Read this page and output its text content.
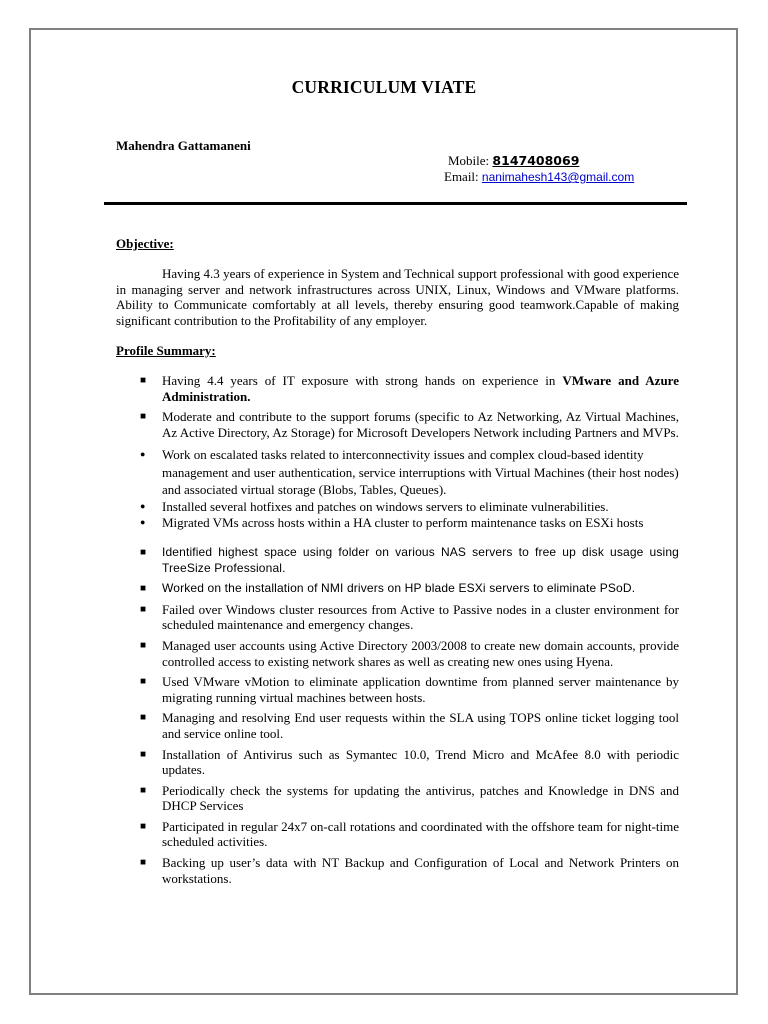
CURRICULUM VIATE
Mahendra Gattamaneni
Mobile: 8147408069
Email: nanimahesh143@gmail.com
Objective:
Having 4.3 years of experience in System and Technical support professional with good experience in managing server and network infrastructures across UNIX, Linux, Windows and VMware platforms. Ability to Communicate comfortably at all levels, thereby ensuring good teamwork.Capable of making significant contribution to the Profitability of any employer.
Profile Summary:
■ Having 4.4 years of IT exposure with strong hands on experience in VMware and Azure Administration.
■ Moderate and contribute to the support forums (specific to Az Networking, Az Virtual Machines, Az Active Directory, Az Storage) for Microsoft Developers Network including Partners and MVPs.
● Work on escalated tasks related to interconnectivity issues and complex cloud-based identity management and user authentication, service interruptions with Virtual Machines (their host nodes) and associated virtual storage (Blobs, Tables, Queues).
● Installed several hotfixes and patches on windows servers to eliminate vulnerabilities.
● Migrated VMs across hosts within a HA cluster to perform maintenance tasks on ESXi hosts
■ Identified highest space using folder on various NAS servers to free up disk usage using TreeSize Professional.
■ Worked on the installation of NMI drivers on HP blade ESXi servers to eliminate PSoD.
■ Failed over Windows cluster resources from Active to Passive nodes in a cluster environment for scheduled maintenance and emergency changes.
■ Managed user accounts using Active Directory 2003/2008 to create new domain accounts, provide controlled access to existing network shares as well as creating new ones using Hyena.
■ Used VMware vMotion to eliminate application downtime from planned server maintenance by migrating running virtual machines between hosts.
■ Managing and resolving End user requests within the SLA using TOPS online ticket logging tool and service online tool.
■ Installation of Antivirus such as Symantec 10.0, Trend Micro and McAfee 8.0 with periodic updates.
■ Periodically check the systems for updating the antivirus, patches and Knowledge in DNS and DHCP Services
■ Participated in regular 24x7 on-call rotations and coordinated with the offshore team for night-time scheduled activities.
■ Backing up user’s data with NT Backup and Configuration of Local and Network Printers on workstations.
